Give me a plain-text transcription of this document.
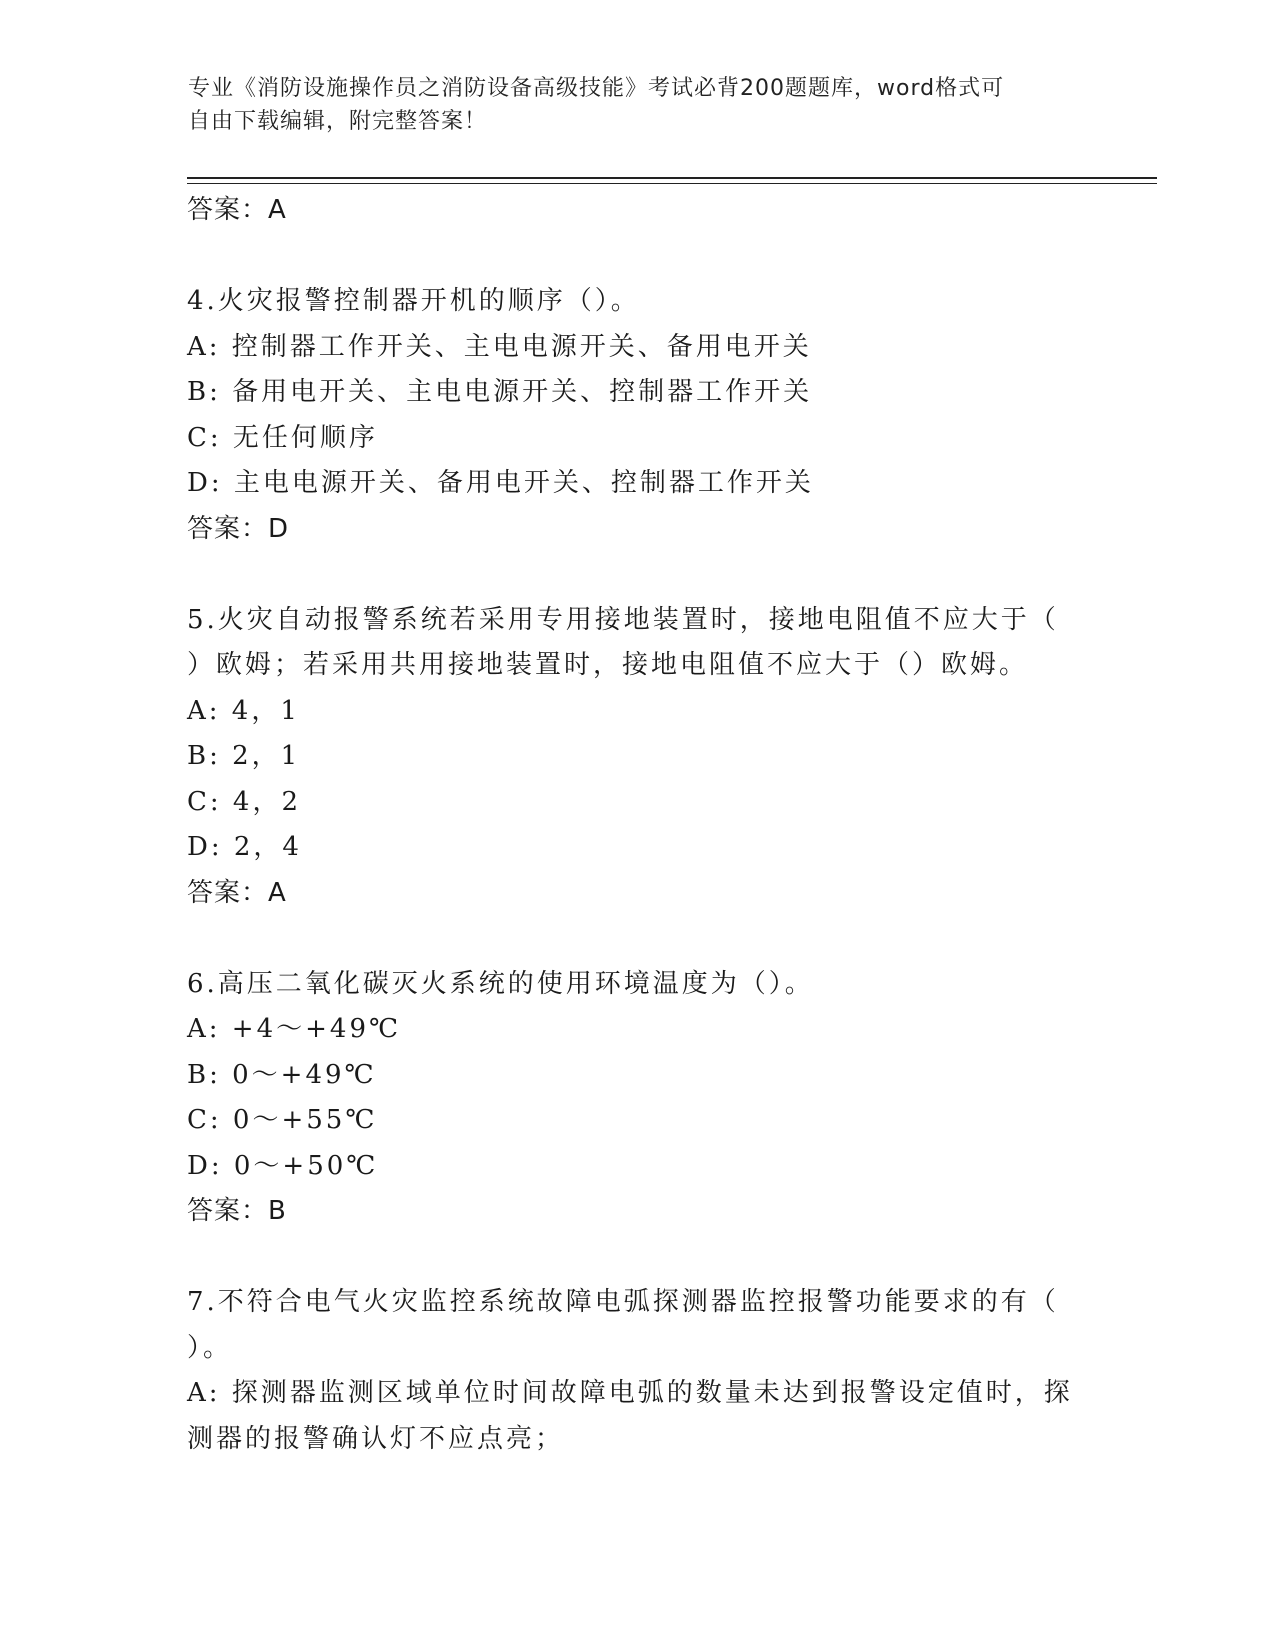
专业《消防设施操作员之消防设备高级技能》考试必背200题题库，word格式可
自由下载编辑，附完整答案！
答案：A
4.火灾报警控制器开机的顺序（）。
A: 控制器工作开关、主电电源开关、备用电开关
B: 备用电开关、主电电源开关、控制器工作开关
C: 无任何顺序
D: 主电电源开关、备用电开关、控制器工作开关
答案：D
5.火灾自动报警系统若采用专用接地装置时，接地电阻值不应大于（
）欧姆；若采用共用接地装置时，接地电阻值不应大于（）欧姆。
A: 4，1
B: 2，1
C: 4，2
D: 2，4
答案：A
6.高压二氧化碳灭火系统的使用环境温度为（）。
A: +4～+49℃
B: 0～+49℃
C: 0～+55℃
D: 0～+50℃
答案：B
7.不符合电气火灾监控系统故障电弧探测器监控报警功能要求的有（
）。
A: 探测器监测区域单位时间故障电弧的数量未达到报警设定值时，探
测器的报警确认灯不应点亮；
